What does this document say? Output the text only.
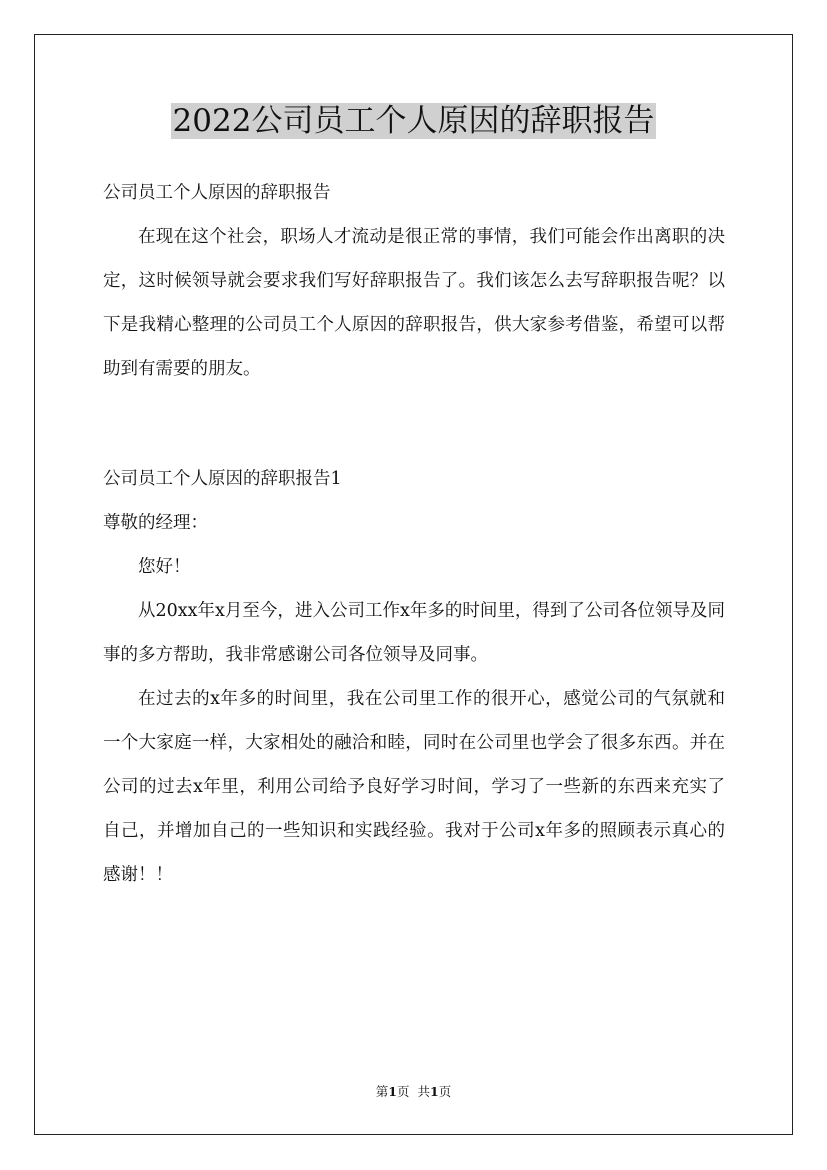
2022公司员工个人原因的辞职报告

公司员工个人原因的辞职报告

在现在这个社会，职场人才流动是很正常的事情，我们可能会作出离职的决定，这时候领导就会要求我们写好辞职报告了。我们该怎么去写辞职报告呢？以下是我精心整理的公司员工个人原因的辞职报告，供大家参考借鉴，希望可以帮助到有需要的朋友。

公司员工个人原因的辞职报告1

尊敬的经理：

您好！

从20xx年x月至今，进入公司工作x年多的时间里，得到了公司各位领导及同事的多方帮助，我非常感谢公司各位领导及同事。

在过去的x年多的时间里，我在公司里工作的很开心，感觉公司的气氛就和一个大家庭一样，大家相处的融洽和睦，同时在公司里也学会了很多东西。并在公司的过去x年里，利用公司给予良好学习时间，学习了一些新的东西来充实了自己，并增加自己的一些知识和实践经验。我对于公司x年多的照顾表示真心的感谢！！

第1页 共1页
